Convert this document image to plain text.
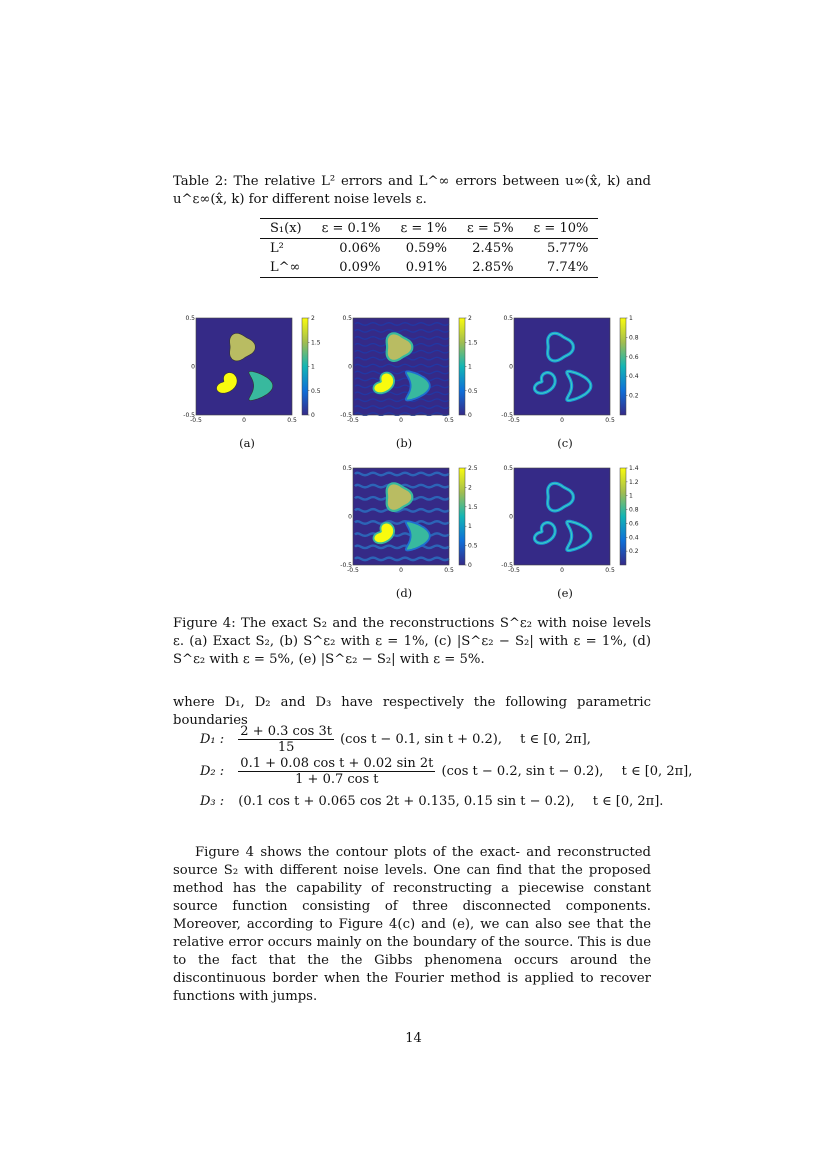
Table 2: The relative L² errors and L^∞ errors between u∞(x̂, k) and u^ε∞(x̂, k) for different noise levels ε.
S₁(x)	ε = 0.1%	ε = 1%	ε = 5%	ε = 10%
L²	0.06%	0.59%	2.45%	5.77%
L^∞	0.09%	0.91%	2.85%	7.74%
-0.5	0	0.5
0.5
0
-0.5
2
1.5
1
0.5
0
(a)
-0.5	0	0.5
0.5
0
-0.5
2
1.5
1
0.5
0
(b)
-0.5	0	0.5
0.5
0
-0.5
1
0.8
0.6
0.4
0.2
(c)
-0.5	0	0.5
0.5
0
-0.5
2.5
2
1.5
1
0.5
0
(d)
-0.5	0	0.5
0.5
0
-0.5
1.4
1.2
1
0.8
0.6
0.4
0.2
(e)
Figure 4: The exact S₂ and the reconstructions S^ε₂ with noise levels ε. (a) Exact S₂, (b) S^ε₂ with ε = 1%, (c) |S^ε₂ − S₂| with ε = 1%, (d) S^ε₂ with ε = 5%, (e) |S^ε₂ − S₂| with ε = 5%.
where D₁, D₂ and D₃ have respectively the following parametric boundaries
D₁ : $\frac{2 + 0.3 \cos 3t}{15} (\cos$ t − 0.1, sin t + 0.2), t ∈ [0, 2π],
D₂ : $\frac{\text{0.1 + 0.08 cos t + 0.02 sin 2t}}{\text{1 + 0.7 cos t}} (\cos$ t − 0.2, sin t − 0.2), t ∈ [0, 2π],
D₃ : (0.1 cos t + 0.065 cos 2t + 0.135, 0.15 sin t − 0.2), t ∈ [0, 2π].
Figure 4 shows the contour plots of the exact- and reconstructed source S₂ with different noise levels. One can find that the proposed method has the capability of reconstructing a piecewise constant source function consisting of three disconnected components. Moreover, according to Figure 4(c) and (e), we can also see that the relative error occurs mainly on the boundary of the source. This is due to the fact that the the Gibbs phenomena occurs around the discontinuous border when the Fourier method is applied to recover functions with jumps.
14
